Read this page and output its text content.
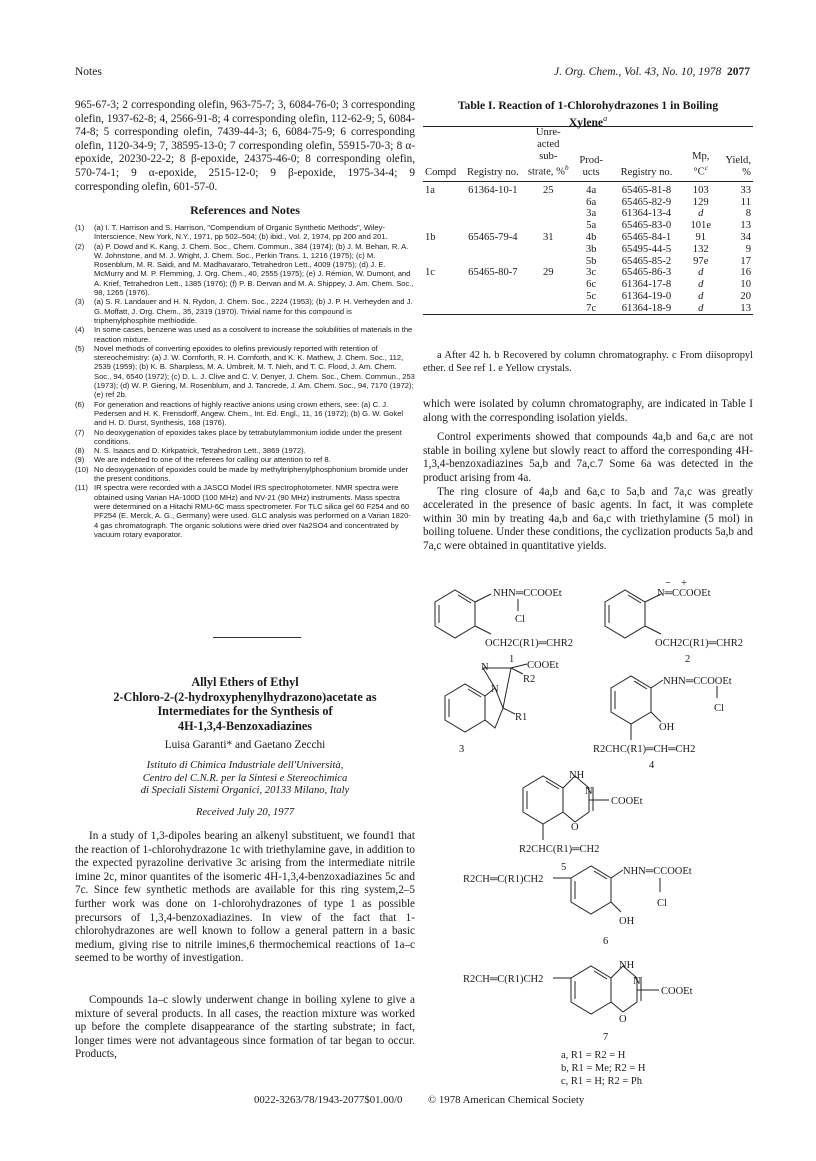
Notes	J. Org. Chem., Vol. 43, No. 10, 1978 2077
965-67-3; 2 corresponding olefin, 963-75-7; 3, 6084-76-0; 3 corresponding olefin, 1937-62-8; 4, 2566-91-8; 4 corresponding olefin, 112-62-9; 5, 6084-74-8; 5 corresponding olefin, 7439-44-3; 6, 6084-75-9; 6 corresponding olefin, 1120-34-9; 7, 38595-13-0; 7 corresponding olefin, 55915-70-3; 8 α-epoxide, 20230-22-2; 8 β-epoxide, 24375-46-0; 8 corresponding olefin, 570-74-1; 9 α-epoxide, 2515-12-0; 9 β-epoxide, 1975-34-4; 9 corresponding olefin, 601-57-0.
References and Notes
(1)	(a) I. T. Harrison and S. Harrison, "Compendium of Organic Synthetic Methods", Wiley-Interscience, New York, N.Y., 1971, pp 502–504; (b) ibid., Vol. 2, 1974, pp 200 and 201.
(2)	(a) P. Dowd and K. Kang, J. Chem. Soc., Chem. Commun., 384 (1974); (b) J. M. Behan, R. A. W. Johnstone, and M. J. Wright, J. Chem. Soc., Perkin Trans. 1, 1216 (1975); (c) M. Rosenblum, M. R. Saidi, and M. Madhavararo, Tetrahedron Lett., 4009 (1975); (d) J. E. McMurry and M. P. Flemming, J. Org. Chem., 40, 2555 (1975); (e) J. Rémion, W. Dumont, and A. Krief, Tetrahedron Lett., 1385 (1976); (f) P. B. Dervan and M. A. Shippey, J. Am. Chem. Soc., 98, 1265 (1976).
(3)	(a) S. R. Landauer and H. N. Rydon, J. Chem. Soc., 2224 (1953); (b) J. P. H. Verheyden and J. G. Moffatt, J. Org. Chem., 35, 2319 (1970). Trivial name for this compound is triphenylphosphite methiodide.
(4)	In some cases, benzene was used as a cosolvent to increase the solubilities of materials in the reaction mixture.
(5)	Novel methods of converting epoxides to olefins previously reported with retention of stereochemistry: (a) J. W. Cornforth, R. H. Cornforth, and K. K. Mathew, J. Chem. Soc., 112, 2539 (1959); (b) K. B. Sharpless, M. A. Umbreit, M. T. Nieh, and T. C. Flood, J. Am. Chem. Soc., 94, 6540 (1972); (c) D. L. J. Clive and C. V. Denyer, J. Chem. Soc., Chem. Commun., 253 (1973); (d) W. P. Giering, M. Rosenblum, and J. Tancrede, J. Am. Chem. Soc., 94, 7170 (1972); (e) ref 2b.
(6)	For generation and reactions of highly reactive anions using crown ethers, see: (a) C. J. Pedersen and H. K. Frensdorff, Angew. Chem., Int. Ed. Engl., 11, 16 (1972); (b) G. W. Gokel and H. D. Durst, Synthesis, 168 (1976).
(7)	No deoxygenation of epoxides takes place by tetrabutylammonium iodide under the present conditions.
(8)	N. S. Isaacs and D. Kirkpatrick, Tetrahedron Lett., 3869 (1972).
(9)	We are indebted to one of the referees for calling our attention to ref 8.
(10) No deoxygenation of epoxides could be made by methyltriphenylphosphonium bromide under the present conditions.
(11) IR spectra were recorded with a JASCO Model IRS spectrophotometer. NMR spectra were obtained using Varian HA-100D (100 MHz) and NV-21 (90 MHz) instruments. Mass spectra were determined on a Hitachi RMU-6C mass spectrometer. For TLC silica gel 60 F254 and 60 PF254 (E. Merck, A. G., Germany) were used. GLC analysis was performed on a Varian 1820-4 gas chromatograph. The organic solutions were dried over Na2SO4 and concentrated by vacuum rotary evaporator.
Allyl Ethers of Ethyl
2-Chloro-2-(2-hydroxyphenylhydrazono)acetate as
Intermediates for the Synthesis of
4H-1,3,4-Benzoxadiazines
Luisa Garanti* and Gaetano Zecchi
Istituto di Chimica Industriale dell'Università,
Centro del C.N.R. per la Sintesi e Stereochimica
di Speciali Sistemi Organici, 20133 Milano, Italy
Received July 20, 1977
In a study of 1,3-dipoles bearing an alkenyl substituent, we found1 that the reaction of 1-chlorohydrazone 1c with triethylamine gave, in addition to the expected pyrazoline derivative 3c arising from the intermediate nitrile imine 2c, minor quantites of the isomeric 4H-1,3,4-benzoxadiazines 5c and 7c. Since few synthetic methods are available for this ring system,2–5 further work was done on 1-chlorohydrazones of type 1 as possible precursors of 1,3,4-benzoxadiazines. In view of the fact that 1-chlorohydrazones are well known to follow a general pattern in a basic medium, giving rise to nitrile imines,6 thermochemical reactions of 1a–c seemed to be worthy of investigation.
Compounds 1a–c slowly underwent change in boiling xylene to give a mixture of several products. In all cases, the reaction mixture was worked up before the complete disappearance of the starting substrate; in fact, longer times were not advantageous since formation of tar began to occur. Products,
0022-3263/78/1943-2077$01.00/0 © 1978 American Chemical Society
Table I. Reaction of 1-Chlorohydrazones 1 in Boiling
Xylene$^a$
Compd	Registry no.	Unre-acted sub-strate, %$^b$	Prod-ucts	Registry no.	Mp, $^\circ C^c$	Yield, %
1a	61364-10-1	25	4a	65465-81-8	103	33
			6a	65465-82-9	129	11
			3a	61364-13-4	d	8
			5a	65465-83-0	101e	13
1b	65465-79-4	31	4b	65465-84-1	91	34
			3b	65495-44-5	132	9
			5b	65465-85-2	97e	17
1c	65465-80-7	29	3c	65465-86-3	d	16
			6c	61364-17-8	d	10
			5c	61364-19-0	d	20
			7c	61364-18-9	d	13
a After 42 h. b Recovered by column chromatography. c From diisopropyl ether. d See ref 1. e Yellow crystals.

which were isolated by column chromatography, are indicated in Table I along with the corresponding isolation yields.

Control experiments showed that compounds 4a,b and 6a,c are not stable in boiling xylene but slowly react to afford the corresponding 4H-1,3,4-benzoxadiazines 5a,b and 7a,c.7 Some 6a was detected in the product arising from 4a.

The ring closure of 4a,b and 6a,c to 5a,b and 7a,c was greatly accelerated in the presence of basic agents. In fact, it was complete within 30 min by treating 4a,b and 6a,c with triethylamine (5 mol) in boiling toluene. Under these conditions, the cyclization products 5a,b and 7a,c were obtained in quantitative yields.

NHN═CCOOEt
Cl
OCH2C(R1)═CHR2
1
N═CCOOEt
− +
OCH2C(R1)═CHR2
2
N	COOEt
R2
R1
N
3
NHN═CCOOEt
Cl
OH
R2CHC(R1)═CH═CH2
4
NH
N
COOEt
O
R2CHC(R1)═CH2
5
R2CH═C(R1)CH2
NHN═CCOOEt
Cl
OH
6
R2CH═C(R1)CH2
NH
N
COOEt
O
7
a, R1 = R2 = H
b, R1 = Me; R2 = H
c, R1 = H; R2 = Ph
